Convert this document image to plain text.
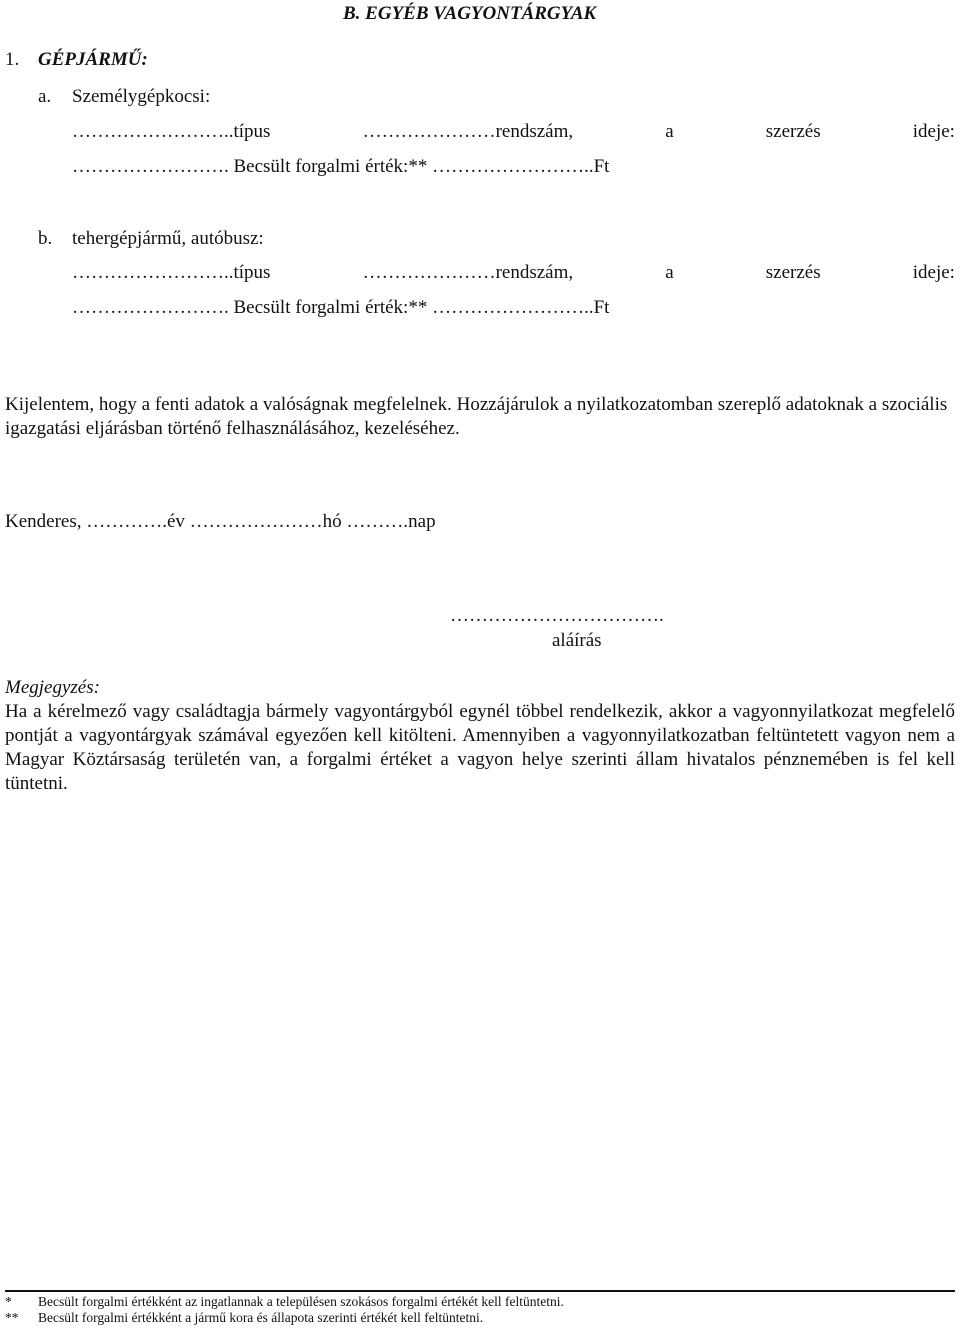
B. EGYÉB VAGYONTÁRGYAK
1. GÉPJÁRMŰ:
a. Személygépkocsi:
……………………..típus	…………………rendszám,	a	szerzés	ideje:
……………………. Becsült forgalmi érték:** ……………………..Ft
b. tehergépjármű, autóbusz:
……………………..típus	…………………rendszám,	a	szerzés	ideje:
……………………. Becsült forgalmi érték:** ……………………..Ft
Kijelentem, hogy a fenti adatok a valóságnak megfelelnek. Hozzájárulok a nyilatkozatomban szereplő adatoknak a szociális igazgatási eljárásban történő felhasználásához, kezeléséhez.
Kenderes, ………….év …………………hó ……….nap
…………………………….
aláírás
Megjegyzés:
Ha a kérelmező vagy családtagja bármely vagyontárgyból egynél többel rendelkezik, akkor a vagyonnyilatkozat megfelelő pontját a vagyontárgyak számával egyezően kell kitölteni. Amennyiben a vagyonnyilatkozatban feltüntetett vagyon nem a Magyar Köztársaság területén van, a forgalmi értéket a vagyon helye szerinti állam hivatalos pénznemében is fel kell tüntetni.
* Becsült forgalmi értékként az ingatlannak a településen szokásos forgalmi értékét kell feltüntetni.
** Becsült forgalmi értékként a jármű kora és állapota szerinti értékét kell feltüntetni.
